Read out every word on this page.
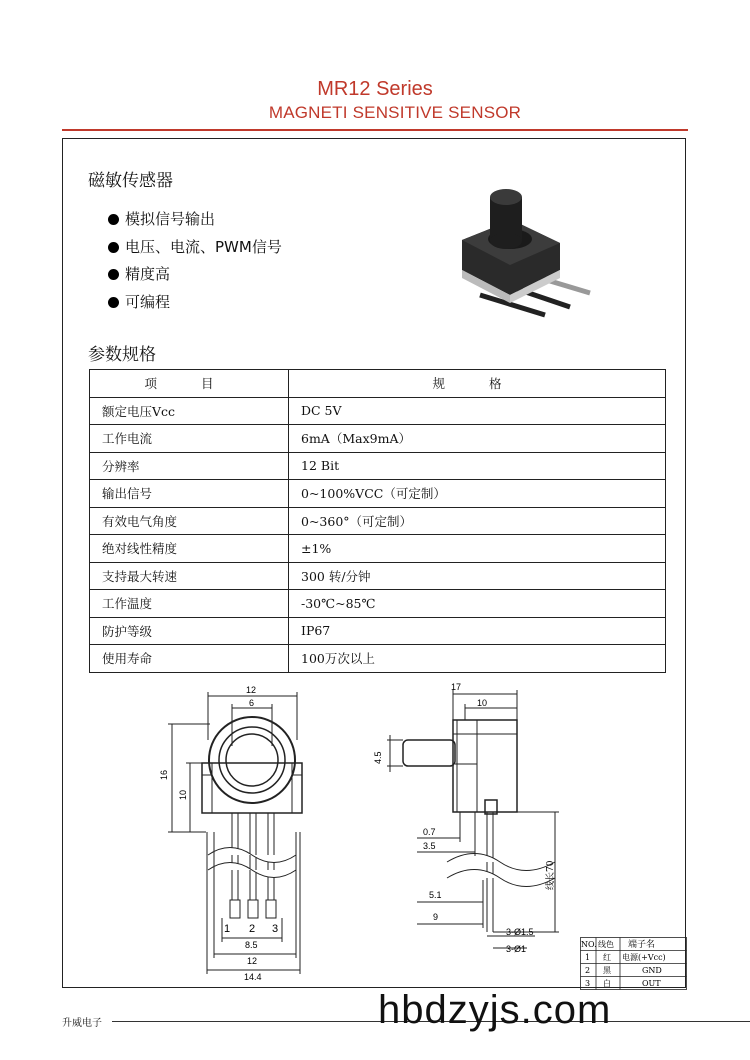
MR12 Series
MAGNETI SENSITIVE SENSOR
磁敏传感器
模拟信号输出
电压、电流、PWM信号
精度高
可编程
参数规格
项 目	规 格
额定电压Vcc	DC 5V
工作电流	6mA（Max9mA）
分辨率	12 Bit
输出信号	0~100%VCC（可定制）
有效电气角度	0~360°（可定制）
绝对线性精度	±1%
支持最大转速	300 转/分钟
工作温度	-30℃~85℃
防护等级	IP67
使用寿命	100万次以上
12
6
16
10
1 2 3
8.5
12
14.4
17
10
4.5
0.7
3.5
5.1
9
3-Ø1.5
3-Ø1
线长70
NO. 线色 端子名
1 红 电源(+Vcc)
2 黑	GND
3 白	OUT
升威电子	hbdzyjs.com
